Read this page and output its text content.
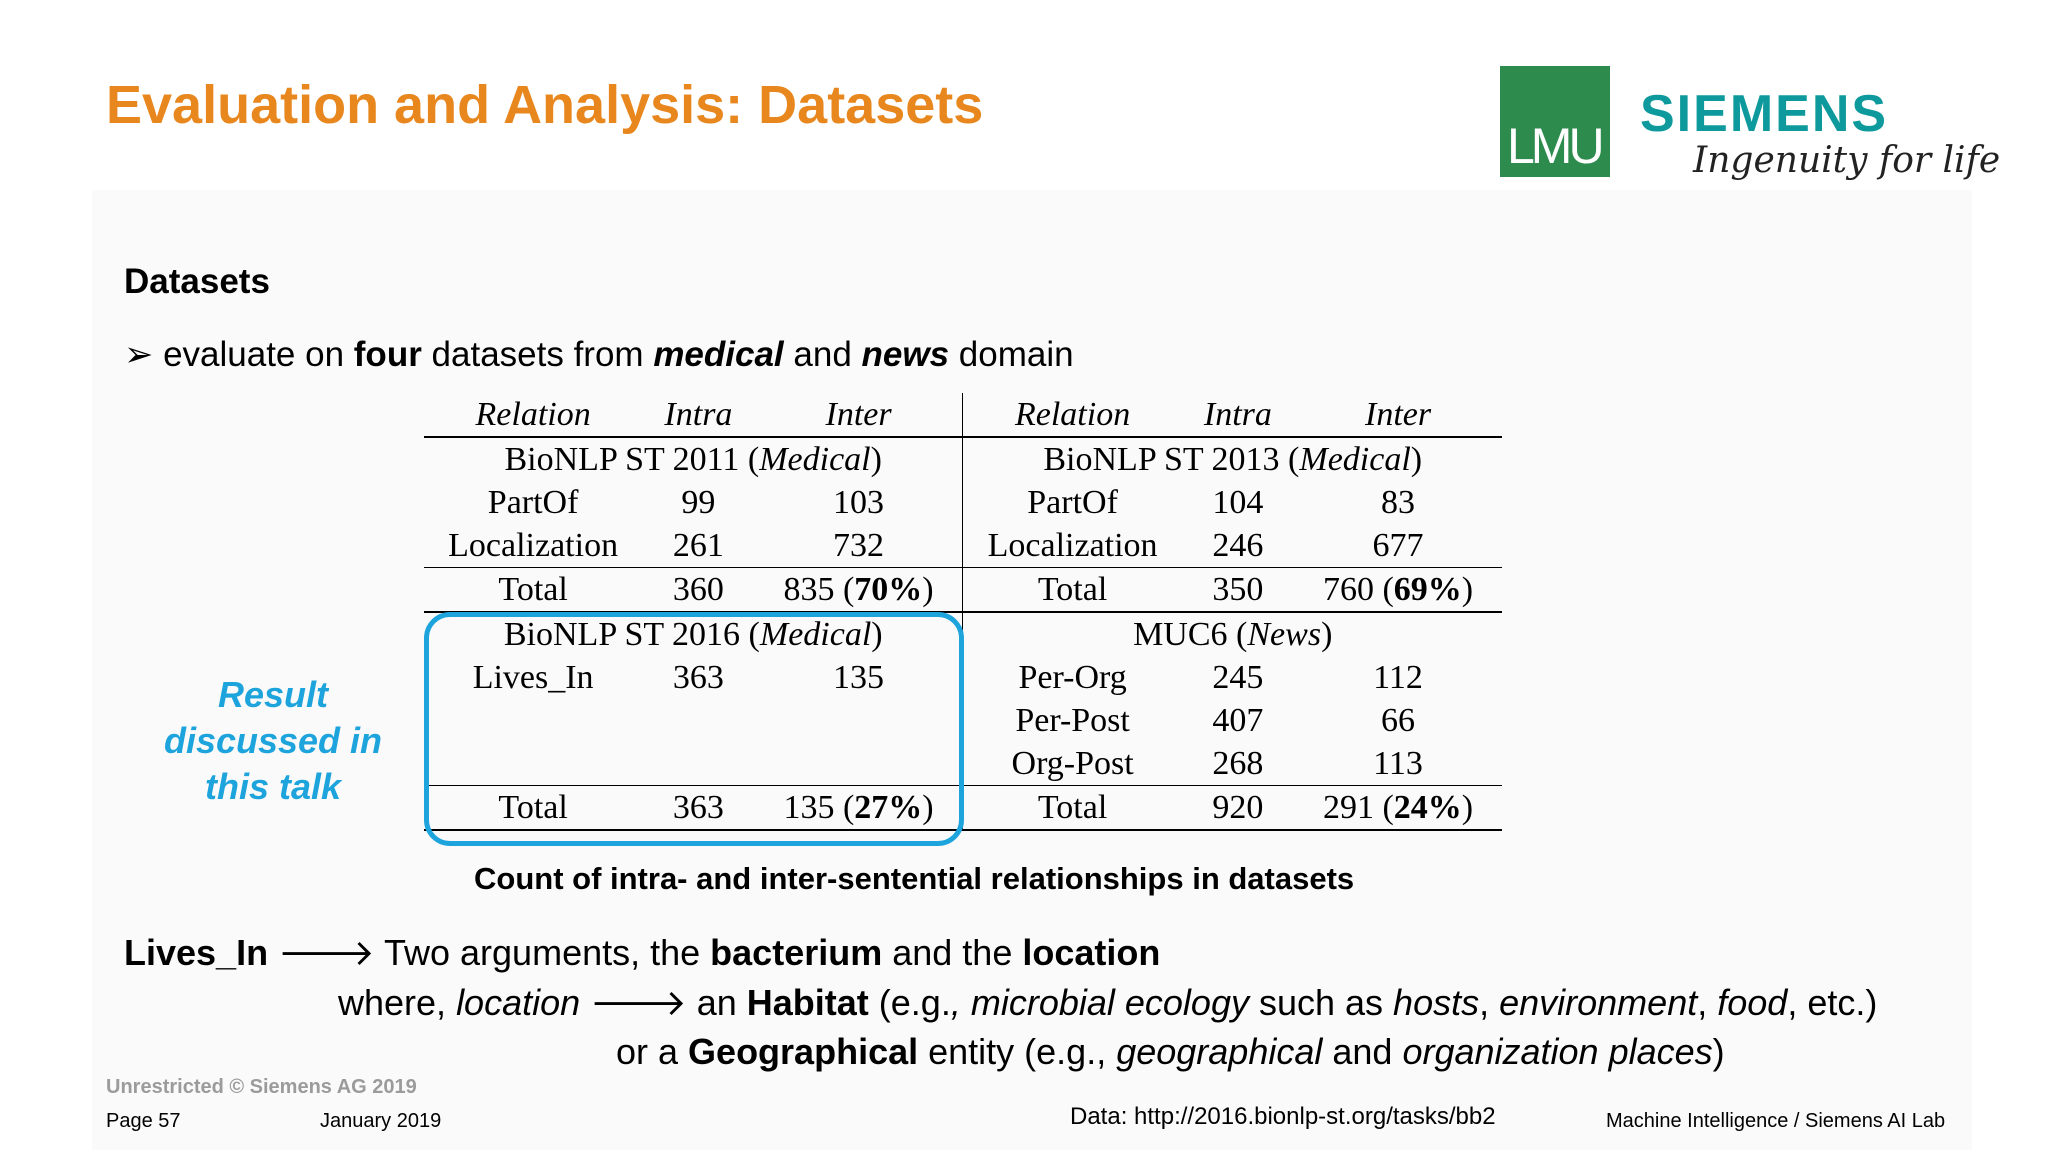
Evaluation and Analysis: Datasets
LMU
SIEMENS
Ingenuity for life
Datasets
➢ evaluate on four datasets from medical and news domain
Relation	Intra	Inter	Relation	Intra	Inter
BioNLP ST 2011 (Medical)			BioNLP ST 2013 (Medical)		
PartOf	99	103	PartOf	104	83
Localization	261	732	Localization	246	677
Total	360	835 (70%)	Total	350	760 (69%)
BioNLP ST 2016 (Medical)			MUC6 (News)		
Lives_In	363	135	Per-Org	245	112
			Per-Post	407	66
			Org-Post	268	113
Total	363	135 (27%)	Total	920	291 (24%)
Result
discussed in
this talk
Count of intra- and inter-sentential relationships in datasets
Lives_In 🡒 Two arguments, the bacterium and the location
where, location 🡒 an Habitat (e.g., microbial ecology such as hosts, environment, food, etc.)
or a Geographical entity (e.g., geographical and organization places)
Unrestricted © Siemens AG 2019
Page 57	January 2019	Data: http://2016.bionlp-st.org/tasks/bb2	Machine Intelligence / Siemens AI Lab
